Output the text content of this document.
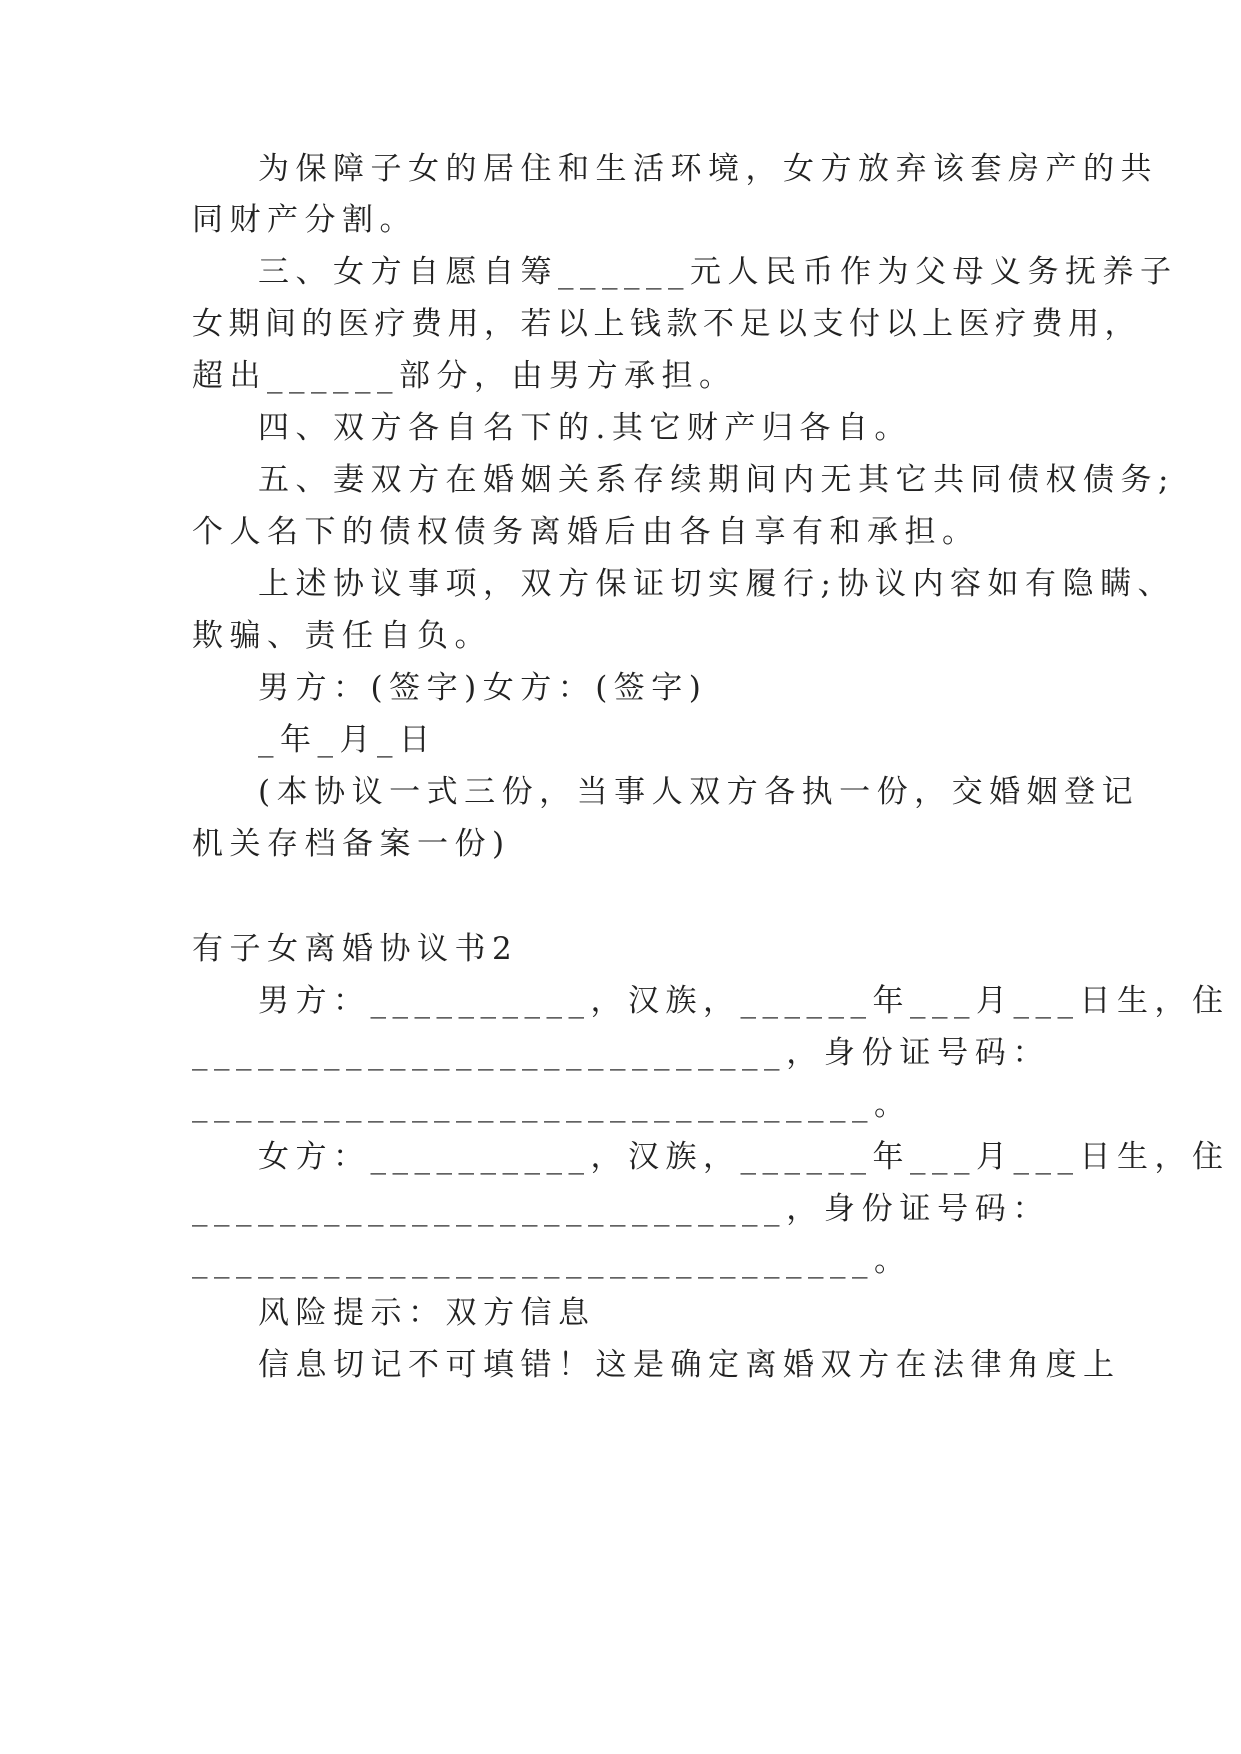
为保障子女的居住和生活环境，女方放弃该套房产的共
同财产分割。
三、女方自愿自筹______元人民币作为父母义务抚养子
女期间的医疗费用，若以上钱款不足以支付以上医疗费用，
超出______部分，由男方承担。
四、双方各自名下的.其它财产归各自。
五、妻双方在婚姻关系存续期间内无其它共同债权债务;
个人名下的债权债务离婚后由各自享有和承担。
上述协议事项，双方保证切实履行;协议内容如有隐瞒、
欺骗、责任自负。
男方：(签字)女方：(签字)
_年_月_日
(本协议一式三份，当事人双方各执一份，交婚姻登记
机关存档备案一份)
有子女离婚协议书2
男方：__________，汉族，______年___月___日生，住
___________________________，身份证号码：
_______________________________。
女方：__________，汉族，______年___月___日生，住
___________________________，身份证号码：
_______________________________。
风险提示：双方信息
信息切记不可填错！这是确定离婚双方在法律角度上
